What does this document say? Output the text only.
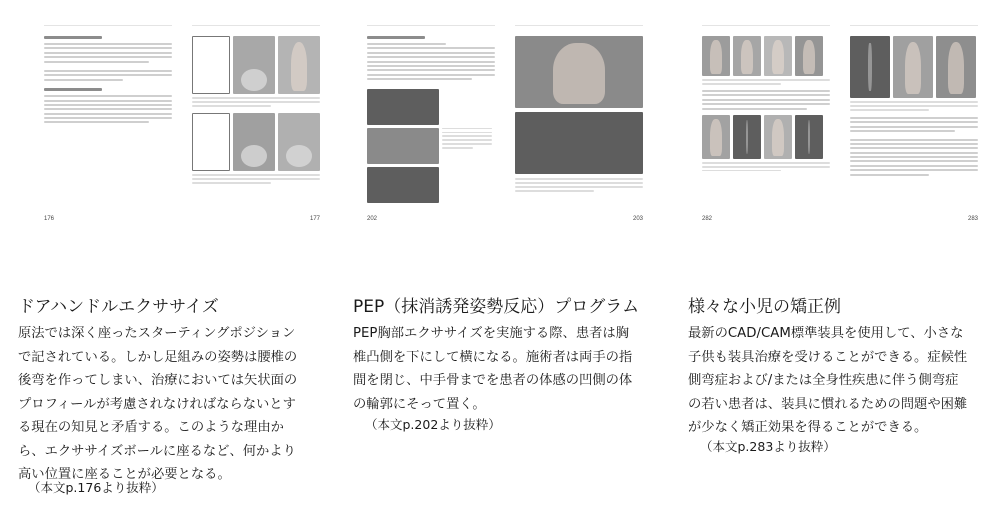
176	177
ドアハンドルエクササイズ
原法では深く座ったスターティングポジション
で記されている。しかし足組みの姿勢は腰椎の
後弯を作ってしまい、治療においては矢状面の
プロフィールが考慮されなければならないとす
る現在の知見と矛盾する。このような理由か
ら、エクササイズボールに座るなど、何かより
高い位置に座ることが必要となる。
（本文p.176より抜粋）
202	203
PEP（抹消誘発姿勢反応）プログラム
PEP胸部エクササイズを実施する際、患者は胸
椎凸側を下にして横になる。施術者は両手の指
間を閉じ、中手骨までを患者の体感の凹側の体
の輪郭にそって置く。
（本文p.202より抜粋）
282	283
様々な小児の矯正例
最新のCAD/CAM標準装具を使用して、小さな
子供も装具治療を受けることができる。症候性
側弯症および/または全身性疾患に伴う側弯症
の若い患者は、装具に慣れるための問題や困難
が少なく矯正効果を得ることができる。
（本文p.283より抜粋）
